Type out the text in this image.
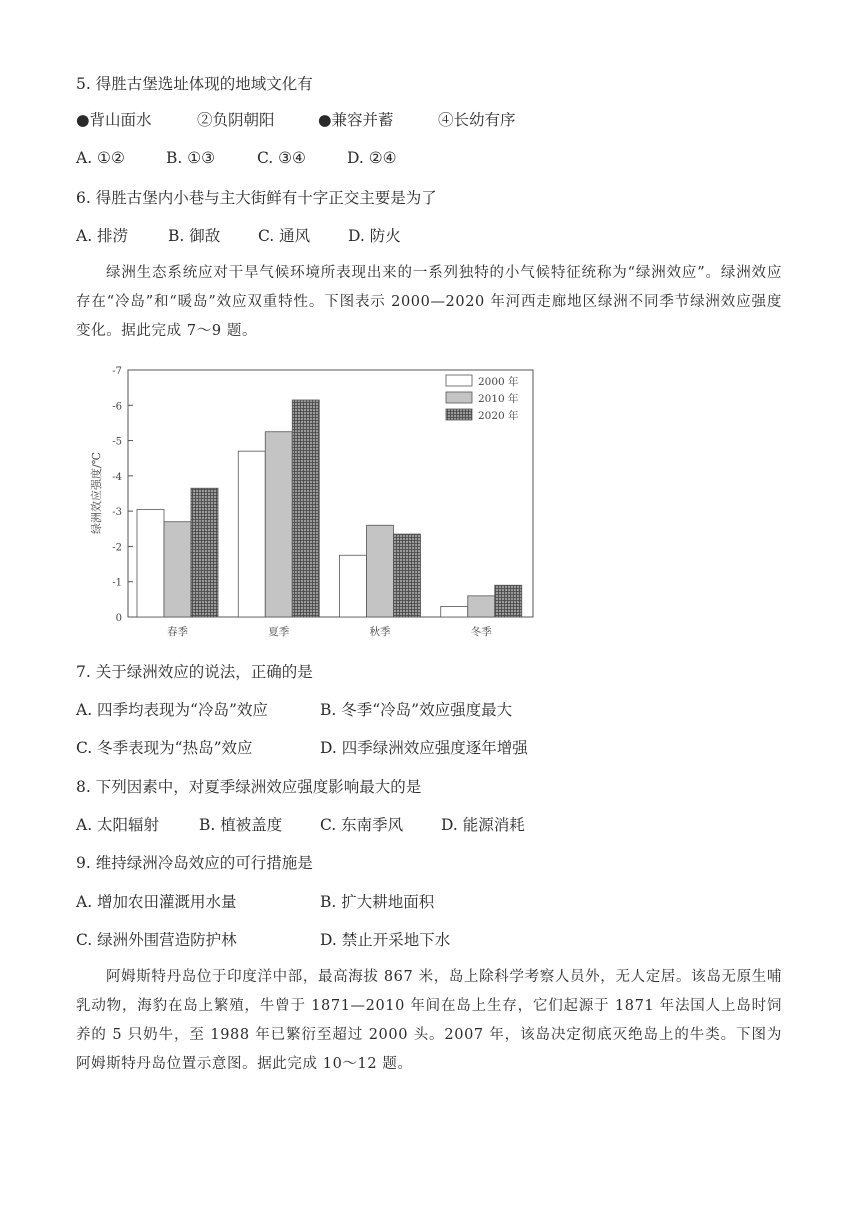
5. 得胜古堡选址体现的地域文化有
●背山面水	②负阴朝阳	●兼容并蓄	④长幼有序
A. ①②	B. ①③	C. ③④	D. ②④
6. 得胜古堡内小巷与主大街鲜有十字正交主要是为了
A. 排涝	B. 御敌 C. 通风 D. 防火
绿洲生态系统应对干旱气候环境所表现出来的一系列独特的小气候特征统称为“绿洲效应”。绿洲效应存在“冷岛”和“暖岛”效应双重特性。下图表示 2000—2020 年河西走廊地区绿洲不同季节绿洲效应强度变化。据此完成 7～9 题。
绿洲效应强度/℃
-7
-6
-5
-4
-3
-2
-1
0
春季	夏季	秋季	冬季
2000 年
2010 年
2020 年
7. 关于绿洲效应的说法，正确的是
A. 四季均表现为“冷岛”效应	B. 冬季“冷岛”效应强度最大
C. 冬季表现为“热岛”效应	D. 四季绿洲效应强度逐年增强
8. 下列因素中，对夏季绿洲效应强度影响最大的是
A. 太阳辐射	B. 植被盖度 C. 东南季风 D. 能源消耗
9. 维持绿洲冷岛效应的可行措施是
A. 增加农田灌溉用水量	B. 扩大耕地面积
C. 绿洲外围营造防护林	D. 禁止开采地下水
阿姆斯特丹岛位于印度洋中部，最高海拔 867 米，岛上除科学考察人员外，无人定居。该岛无原生哺乳动物，海豹在岛上繁殖，牛曾于 1871—2010 年间在岛上生存，它们起源于 1871 年法国人上岛时饲养的 5 只奶牛，至 1988 年已繁衍至超过 2000 头。2007 年，该岛决定彻底灭绝岛上的牛类。下图为阿姆斯特丹岛位置示意图。据此完成 10～12 题。
